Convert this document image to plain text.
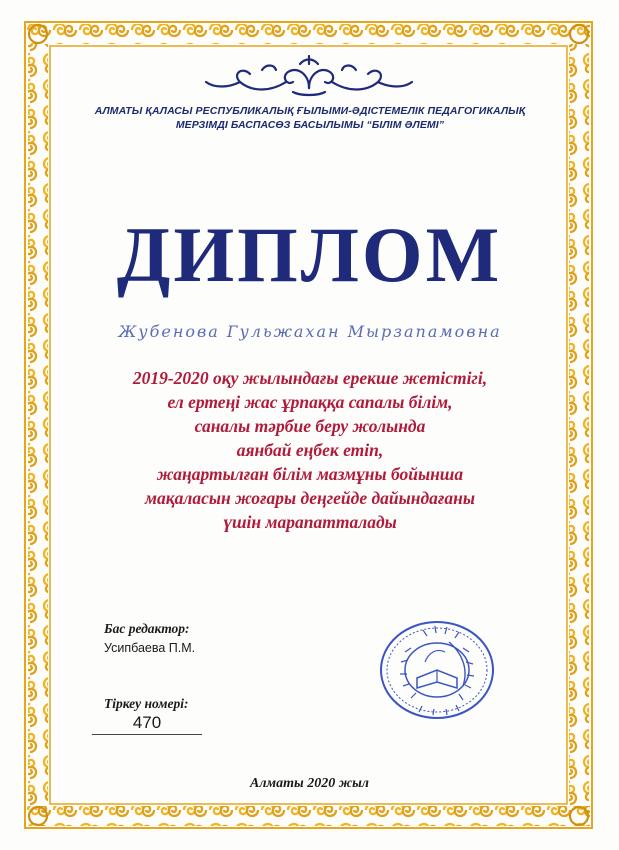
АЛМАТЫ ҚАЛАСЫ РЕСПУБЛИКАЛЫҚ ҒЫЛЫМИ-ӘДІСТЕМЕЛІК ПЕДАГОГИКАЛЫҚ
МЕРЗІМДІ БАСПАСӨЗ БАСЫЛЫМЫ “БІЛІМ ӘЛЕМІ”
ДИПЛОМ
Жубенова Гульжахан Мырзапамовна
2019-2020 оқу жылындағы ерекше жетістігі,
ел ертеңі жас ұрпаққа сапалы білім,
саналы тәрбие беру жолында
аянбай еңбек етіп,
жаңартылған білім мазмұны бойынша
мақаласын жоғары деңгейде дайындағаны
үшін марапатталады
Бас редактор:
Усипбаева П.М.
Тіркеу номері:
470
Алматы 2020 жыл
